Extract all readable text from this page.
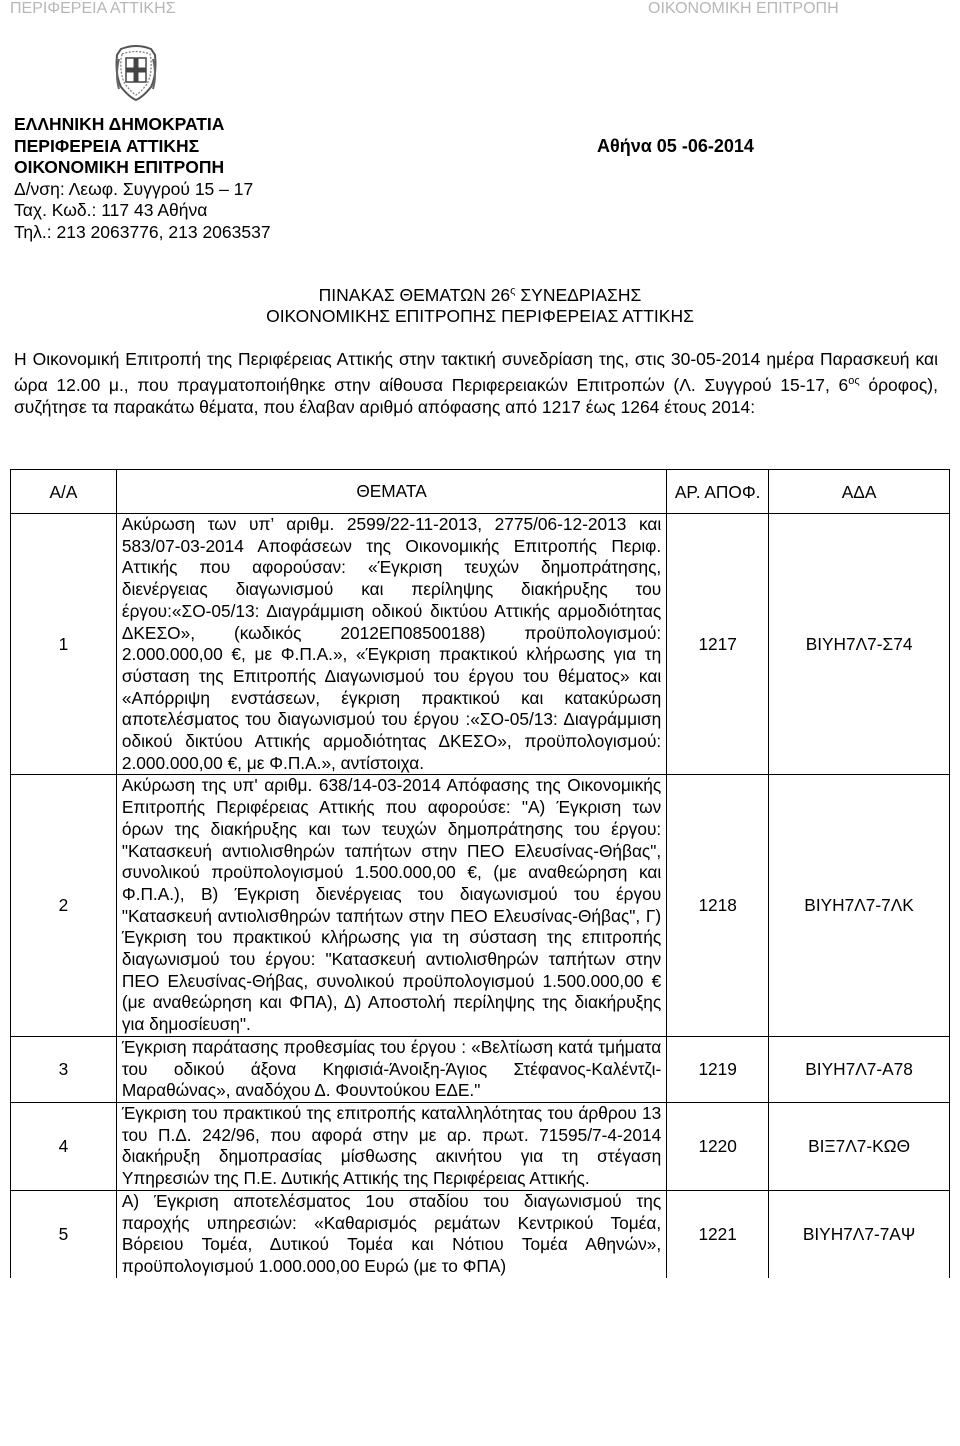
ΠΕΡΙΦΕΡΕΙΑ ΑΤΤΙΚΗΣ	ΟΙΚΟΝΟΜΙΚΗ ΕΠΙΤΡΟΠΗ
ΕΛΛΗΝΙΚΗ ΔΗΜΟΚΡΑΤΙΑ
ΠΕΡΙΦΕΡΕΙΑ ΑΤΤΙΚΗΣ
ΟΙΚΟΝΟΜΙΚΗ ΕΠΙΤΡΟΠΗ
Δ/νση: Λεωφ. Συγγρού 15 – 17
Ταχ. Κωδ.: 117 43 Αθήνα
Τηλ.: 213 2063776, 213 2063537
Αθήνα 05 -06-2014
ΠΙΝΑΚΑΣ ΘΕΜΑΤΩΝ $26^\varsigma$ ΣΥΝΕΔΡΙΑΣΗΣ
ΟΙΚΟΝΟΜΙΚΗΣ ΕΠΙΤΡΟΠΗΣ ΠΕΡΙΦΕΡΕΙΑΣ ΑΤΤΙΚΗΣ

Η Οικονομική Επιτροπή της Περιφέρειας Αττικής στην τακτική συνεδρίαση της, στις 30-05-2014 ημέρα Παρασκευή και ώρα 12.00 μ., που πραγματοποιήθηκε στην αίθουσα Περιφερειακών Επιτροπών (Λ. Συγγρού 15-17, $6^{o\varsigma}$ όροφος), συζήτησε τα παρακάτω θέματα, που έλαβαν αριθμό απόφασης από 1217 έως 1264 έτους 2014:

Α/Α	ΘΕΜΑΤΑ	ΑΡ. ΑΠΟΦ.	ΑΔΑ
1	Ακύρωση των υπ’ αριθμ. 2599/22-11-2013, 2775/06-12-2013 και 583/07-03-2014 Αποφάσεων της Οικονομικής Επιτροπής Περιφ. Αττικής που αφορούσαν: «Έγκριση τευχών δημοπράτησης, διενέργειας διαγωνισμού και περίληψης διακήρυξης του έργου:«ΣΟ-05/13: Διαγράμμιση οδικού δικτύου Αττικής αρμοδιότητας ΔΚΕΣΟ», (κωδικός 2012ΕΠ08500188) προϋπολογισμού: 2.000.000,00 €, με Φ.Π.Α.», «Έγκριση πρακτικού κλήρωσης για τη σύσταση της Επιτροπής Διαγωνισμού του έργου του θέματος» και «Απόρριψη ενστάσεων, έγκριση πρακτικού και κατακύρωση αποτελέσματος του διαγωνισμού του έργου :«ΣΟ-05/13: Διαγράμμιση οδικού δικτύου Αττικής αρμοδιότητας ΔΚΕΣΟ», προϋπολογισμού: 2.000.000,00 €, με Φ.Π.Α.», αντίστοιχα.	1217	ΒΙΥΗ7Λ7-Σ74
2	Ακύρωση της υπ' αριθμ. 638/14-03-2014 Απόφασης της Οικονομικής Επιτροπής Περιφέρειας Αττικής που αφορούσε: "Α) Έγκριση των όρων της διακήρυξης και των τευχών δημοπράτησης του έργου: "Κατασκευή αντιολισθηρών ταπήτων στην ΠΕΟ Ελευσίνας-Θήβας", συνολικού προϋπολογισμού 1.500.000,00 €, (με αναθεώρηση και Φ.Π.Α.), Β) Έγκριση διενέργειας του διαγωνισμού του έργου "Κατασκευή αντιολισθηρών ταπήτων στην ΠΕΟ Ελευσίνας-Θήβας", Γ) Έγκριση του πρακτικού κλήρωσης για τη σύσταση της επιτροπής διαγωνισμού του έργου: "Κατασκευή αντιολισθηρών ταπήτων στην ΠΕΟ Ελευσίνας-Θήβας, συνολικού προϋπολογισμού 1.500.000,00 € (με αναθεώρηση και ΦΠΑ), Δ) Αποστολή περίληψης της διακήρυξης για δημοσίευση".	1218	ΒΙΥΗ7Λ7-7ΛΚ
3	Έγκριση παράτασης προθεσμίας του έργου : «Βελτίωση κατά τμήματα του οδικού άξονα Κηφισιά-Άνοιξη-Άγιος Στέφανος-Καλέντζι-Μαραθώνας», αναδόχου Δ. Φουντούκου ΕΔΕ."	1219	ΒΙΥΗ7Λ7-Α78
4	Έγκριση του πρακτικού της επιτροπής καταλληλότητας του άρθρου 13 του Π.Δ. 242/96, που αφορά στην με αρ. πρωτ. 71595/7-4-2014 διακήρυξη δημοπρασίας μίσθωσης ακινήτου για τη στέγαση Υπηρεσιών της Π.Ε. Δυτικής Αττικής της Περιφέρειας Αττικής.	1220	ΒΙΞ7Λ7-ΚΩΘ
5	Α) Έγκριση αποτελέσματος 1ου σταδίου του διαγωνισμού της παροχής υπηρεσιών: «Καθαρισμός ρεμάτων Κεντρικού Τομέα, Βόρειου Τομέα, Δυτικού Τομέα και Νότιου Τομέα Αθηνών», προϋπολογισμού 1.000.000,00 Ευρώ (με το ΦΠΑ)	1221	ΒΙΥΗ7Λ7-7ΑΨ
